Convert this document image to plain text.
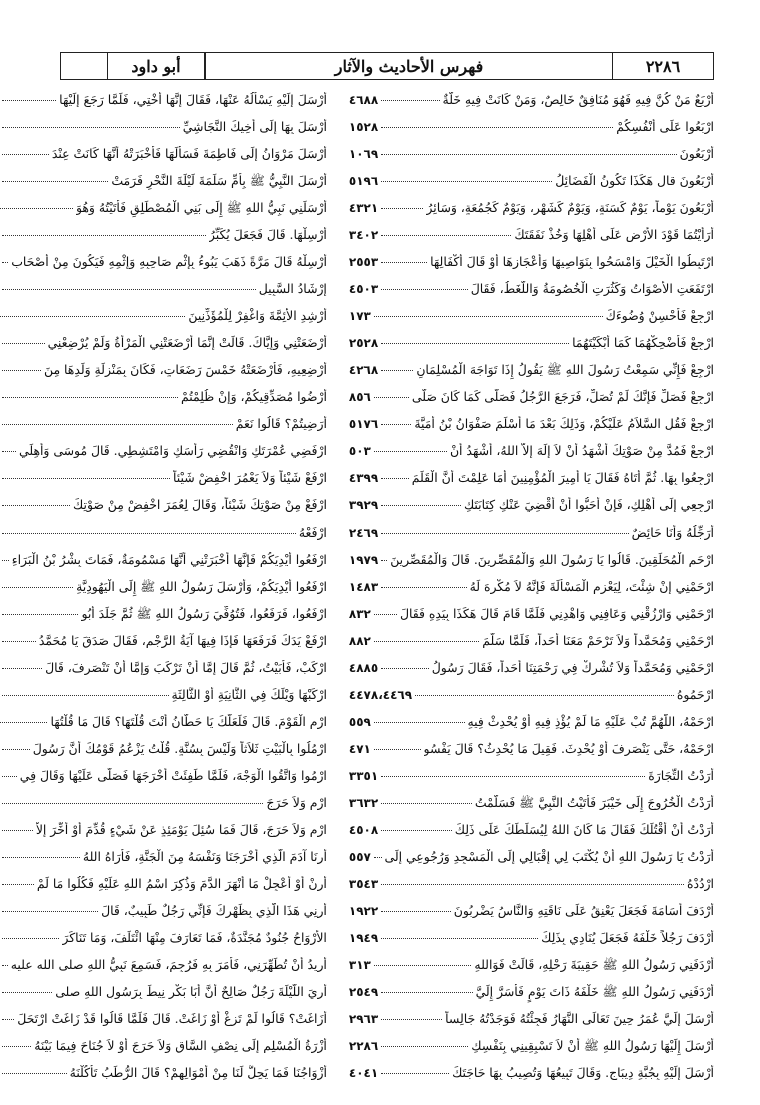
٢٢٨٦
فهرس الأحاديث والآثار
أبو داود
أَرْبَعٌ مَنْ كُنَّ فِيهِ فَهُوَ مُنَافِقٌ خَالِصٌ، وَمَنْ كَانَتْ فِيهِ خَلَّةٌ
٤٦٨٨
ارْبَعُوا عَلَى أَنْفُسِكُمْ
١٥٢٨
أَرْبَعُونَ
١٠٦٩
أَرْبَعُونَ قال هَكَذَا تَكُونُ الْفَضَائِلُ
٥١٩٦
أَرْبَعُونَ يَوْماً، يَوْمٌ كَسَنَةٍ، وَيَوْمٌ كَشَهْرٍ، وَيَوْمٌ كَجُمُعَةٍ، وَسَائِرُ
٤٣٢١
أَرَأَيْتُمَا قَوْدَ الأَرْضِ عَلَى أَهْلِهَا وَخُذْ نَفَقَتَكَ
٣٤٠٢
ارْتَبِطُوا الْخَيْلَ وَامْسَحُوا بِنَوَاصِيهَا وَأَعْجَازِهَا أَوْ قَالَ أَكْفَالِهَا
٢٥٥٣
ارْتَفَعَتِ الأَصْوَاتُ وَكَثُرَتِ الْخُصُومَةُ وَاللَّغَطُ، فَقَالَ
٤٥٠٣
ارْجِعْ فَأَحْسِنْ وُضُوءَكَ
١٧٣
ارْجِعْ فَأَضْحِكْهُمَا كَمَا أَبْكَيْتَهُمَا
٢٥٢٨
ارْجِعْ فَإِنِّي سَمِعْتُ رَسُولَ اللهِ ﷺ يَقُولُ إِذَا تَوَاجَهَ الْمُسْلِمَانِ
٤٢٦٨
ارْجِعْ فَصَلِّ فَإِنَّكَ لَمْ تُصَلِّ، فَرَجَعَ الرَّجُلُ فَصَلَّى كَمَا كَانَ صَلَّى
٨٥٦
ارْجِعْ فَقُلِ السَّلاَمُ عَلَيْكُمْ، وَذَلِكَ بَعْدَ مَا أَسْلَمَ صَفْوَانُ بْنُ أُمَيَّةَ
٥١٧٦
ارْجِعْ فَمُدَّ مِنْ صَوْتِكَ أَشْهَدُ أَنْ لاَ إِلَهَ إِلاَّ اللهُ، أَشْهَدُ أَنْ
٥٠٣
ارْجِعُوا بِهَا. ثُمَّ أَتَاهُ فَقَالَ يَا أَمِيرَ الْمُؤْمِنِينَ أَمَا عَلِمْتَ أَنَّ الْقَلَمَ
٤٣٩٩
ارْجِعِي إِلَى أَهْلِكِ، فَإِنْ أَحَبُّوا أَنْ أَقْضِيَ عَنْكِ كِتَابَتَكِ
٣٩٢٩
أُرَجِّلُهُ وَأَنَا حَائِضٌ
٢٤٦٩
ارْحَمِ الْمُحَلِّقِينَ. قَالُوا يَا رَسُولَ اللهِ وَالْمُقَصِّرِينَ. قَالَ وَالْمُقَصِّرِينَ
١٩٧٩
ارْحَمْنِي إِنْ شِئْتَ، لِيَعْزِمِ الْمَسْأَلَةَ فَإِنَّهُ لاَ مُكْرِهَ لَهُ
١٤٨٣
ارْحَمْنِي وَارْزُقْنِي وَعَافِنِي وَاهْدِنِي فَلَمَّا قَامَ قَالَ هَكَذَا بِيَدِهِ فَقَالَ
٨٣٢
ارْحَمْنِي وَمُحَمَّداً وَلاَ تَرْحَمْ مَعَنَا أَحَداً، فَلَمَّا سَلَّمَ
٨٨٢
ارْحَمْنِي وَمُحَمَّداً وَلاَ تُشْرِكْ فِي رَحْمَتِنَا أَحَداً، فَقَالَ رَسُولُ
٤٨٨٥
ارْحَمُوهُ
٤٤٧٨،٤٤٦٩
ارْحَمْهُ، اللَّهُمَّ تُبْ عَلَيْهِ مَا لَمْ يُؤْذِ فِيهِ أَوْ يُحْدِثْ فِيهِ
٥٥٩
ارْحَمْهُ، حَتَّى يَنْصَرِفَ أَوْ يُحْدِثَ. فَقِيلَ مَا يُحْدِثُ؟ قَالَ يَفْسُو
٤٧١
أَرَدْتُ التِّجَارَةَ
٣٣٥١
أَرَدْتُ الْخُرُوجَ إِلَى خَيْبَرَ فَأَتَيْتُ النَّبِيَّ ﷺ فَسَلَّمْتُ
٣٦٣٢
أَرَدْتُ أَنْ أَقْتُلَكَ فَقَالَ مَا كَانَ اللهُ لِيُسَلِّطَكَ عَلَى ذَلِكَ
٤٥٠٨
أَرَدْتُ يَا رَسُولَ اللهِ أَنْ يُكْتَبَ لِي إِقْبَالِي إِلَى الْمَسْجِدِ وَرُجُوعِي إِلَى
٥٥٧
ارْدُدْهُ
٣٥٤٣
أَرْدَفَ أُسَامَةَ فَجَعَلَ يَعْنِقُ عَلَى نَاقَتِهِ وَالنَّاسُ يَضْرِبُونَ
١٩٢٢
أَرْدَفَ رَجُلاً خَلْفَهُ فَجَعَلَ يُنَادِي بِذَلِكَ
١٩٤٩
أَرْدَفَنِي رَسُولُ اللهِ ﷺ حَقِيبَةَ رَحْلِهِ، قَالَتْ فَوَاللهِ
٣١٣
أَرْدَفَنِي رَسُولُ اللهِ ﷺ خَلْفَهُ ذَاتَ يَوْمٍ فَأَسَرَّ إِلَيَّ
٢٥٤٩
أَرْسَلَ إِلَيَّ عُمَرُ حِينَ تَعَالَى النَّهَارُ فَجِئْتُهُ فَوَجَدْتُهُ جَالِساً
٢٩٦٣
أَرْسَلَ إِلَيْهَا رَسُولُ اللهِ ﷺ أَنْ لاَ تَسْبِقِينِي بِنَفْسِكِ
٢٢٨٦
أَرْسَلَ إِلَيْهِ بِجُبَّةِ دِيبَاجٍ. وَقَالَ تَبِيعُهَا وَتُصِيبُ بِهَا حَاجَتَكَ
٤٠٤١
أَرْسَلَ إِلَيْهِ يَسْأَلُهُ عَنْهَا، فَقَالَ إِنَّهَا أُخْتِي، فَلَمَّا رَجَعَ إِلَيْهَا
أَرْسَلَ بِهَا إِلَى أَخِيكَ النَّجَاشِيِّ
أَرْسَلَ مَرْوَانُ إِلَى فَاطِمَةَ فَسَأَلَهَا فَأَخْبَرَتْهُ أَنَّهَا كَانَتْ عِنْدَ
أَرْسَلَ النَّبِيُّ ﷺ بِأُمِّ سَلَمَةَ لَيْلَةَ النَّحْرِ فَرَمَتْ
أَرْسَلَنِي نَبِيُّ اللهِ ﷺ إِلَى بَنِي الْمُصْطَلِقِ فَأَتَيْتُهُ وَهُوَ
أَرْسِلْهَا. قَالَ فَجَعَلَ يُكَبِّرُ
أَرْسِلْهُ قَالَ مَرَّةً ذَهَبَ يَبُوءُ بِإِثْمِ صَاحِبِهِ وَإِثْمِهِ فَيَكُونَ مِنْ أَصْحَابِ
إِرْشَادُ السَّبِيلِ
أَرْشِدِ الأَئِمَّةَ وَاغْفِرْ لِلْمُؤَذِّنِينَ
أَرْضَعَتْنِي وَإِيَّاكَ. قَالَتْ إِنَّمَا أَرْضَعَتْنِي الْمَرْأَةُ وَلَمْ يُرْضِعْنِي
أَرْضِعِيهِ، فَأَرْضَعَتْهُ خَمْسَ رَضَعَاتٍ، فَكَانَ بِمَنْزِلَةِ وَلَدِهَا مِنَ
أَرْضُوا مُصَدِّقِيكُمْ، وَإِنْ ظُلِمْتُمْ
أَرَضِيتُمْ؟ قَالُوا نَعَمْ
ارْفَضِي عُمْرَتَكِ وَانْقُضِي رَأْسَكِ وَامْتَشِطِي. قَالَ مُوسَى وَأَهِلِّي
ارْفَعْ شَيْئاً وَلاَ يَعْمُرَ اخْفِضْ شَيْئاً
ارْفَعْ مِنْ صَوْتِكَ شَيْئاً، وَقَالَ لِعُمَرَ اخْفِضْ مِنْ صَوْتِكَ
ارْفَعْهُ
ارْفَعُوا أَيْدِيَكُمْ فَإِنَّهَا أَخْبَرَتْنِي أَنَّهَا مَسْمُومَةٌ، فَمَاتَ بِشْرُ بْنُ الْبَرَاءِ
ارْفَعُوا أَيْدِيَكُمْ، وَأَرْسَلَ رَسُولُ اللهِ ﷺ إِلَى الْيَهُودِيَّةِ
ارْفَعُوا، فَرَفَعُوا، فَتُوُفِّيَ رَسُولُ اللهِ ﷺ ثُمَّ جَلَدَ أَبُو
ارْفَعْ يَدَكَ فَرَفَعَهَا فَإِذَا فِيهَا آيَةُ الرَّجْمِ، فَقَالَ صَدَقَ يَا مُحَمَّدُ
ارْكَبْ، فَأَبَيْتُ، ثُمَّ قَالَ إِمَّا أَنْ تَرْكَبَ وَإِمَّا أَنْ تَنْصَرِفَ، قَالَ
ارْكَبْهَا وَيْلَكَ فِي الثَّانِيَةِ أَوْ الثَّالِثَةِ
ارْمِ الْقَوْمَ. قَالَ فَلَعَلَّكَ يَا حَطَّانُ أَنْتَ قُلْتَهَا؟ قَالَ مَا قُلْتُهَا
ارْمُلُوا بِالْبَيْتِ ثَلاَثاً وَلَيْسَ بِسُنَّةٍ. قُلْتُ يَزْعُمُ قَوْمُكَ أَنَّ رَسُولَ
ارْمُوا وَاتَّقُوا الْوَجْهَ، فَلَمَّا طَفِئَتْ أَخْرَجَهَا فَصَلَّى عَلَيْهَا وَقَالَ فِي
ارْمِ وَلاَ حَرَجَ
ارْمِ وَلاَ حَرَجَ، قَالَ فَمَا سُئِلَ يَوْمَئِذٍ عَنْ شَيْءٍ قُدِّمَ أَوْ أُخِّرَ إِلاَّ
أَرِنَا آدَمَ الَّذِي أَخْرَجَنَا وَنَفْسَهُ مِنَ الْجَنَّةِ، فَأَرَاهُ اللهُ
أَرِنْ أَوْ أَعْجِلْ مَا أَنْهَرَ الدَّمَ وَذُكِرَ اسْمُ اللهِ عَلَيْهِ فَكُلُوا مَا لَمْ
أَرِنِي هَذَا الَّذِي بِظَهْرِكَ فَإِنِّي رَجُلٌ طَبِيبٌ، قَالَ
الأَرْوَاحُ جُنُودٌ مُجَنَّدَةٌ، فَمَا تَعَارَفَ مِنْهَا ائْتَلَفَ، وَمَا تَنَاكَرَ
أُرِيدُ أَنْ تُطَهِّرَنِي، فَأَمَرَ بِهِ فَرُجِمَ، فَسَمِعَ نَبِيُّ اللهِ صلى الله عليه
أُرِيَ اللَّيْلَةَ رَجُلٌ صَالِحٌ أَنَّ أَبَا بَكْرٍ نِيطَ بِرَسُولِ اللهِ صلى
أَزَاغَتْ؟ قَالُوا لَمْ تَزِغْ أَوْ زَاغَتْ. قَالَ فَلَمَّا قَالُوا قَدْ زَاغَتْ ارْتَحَلَ
أُزْرَةُ الْمُسْلِمِ إِلَى نِصْفِ السَّاقِ وَلاَ حَرَجَ أَوْ لاَ جُنَاحَ فِيمَا بَيْنَهُ
أَزْوَاجُنَا فَمَا يَحِلُّ لَنَا مِنْ أَمْوَالِهِمْ؟ قَالَ الرُّطَبُ تَأْكُلْنَهُ
